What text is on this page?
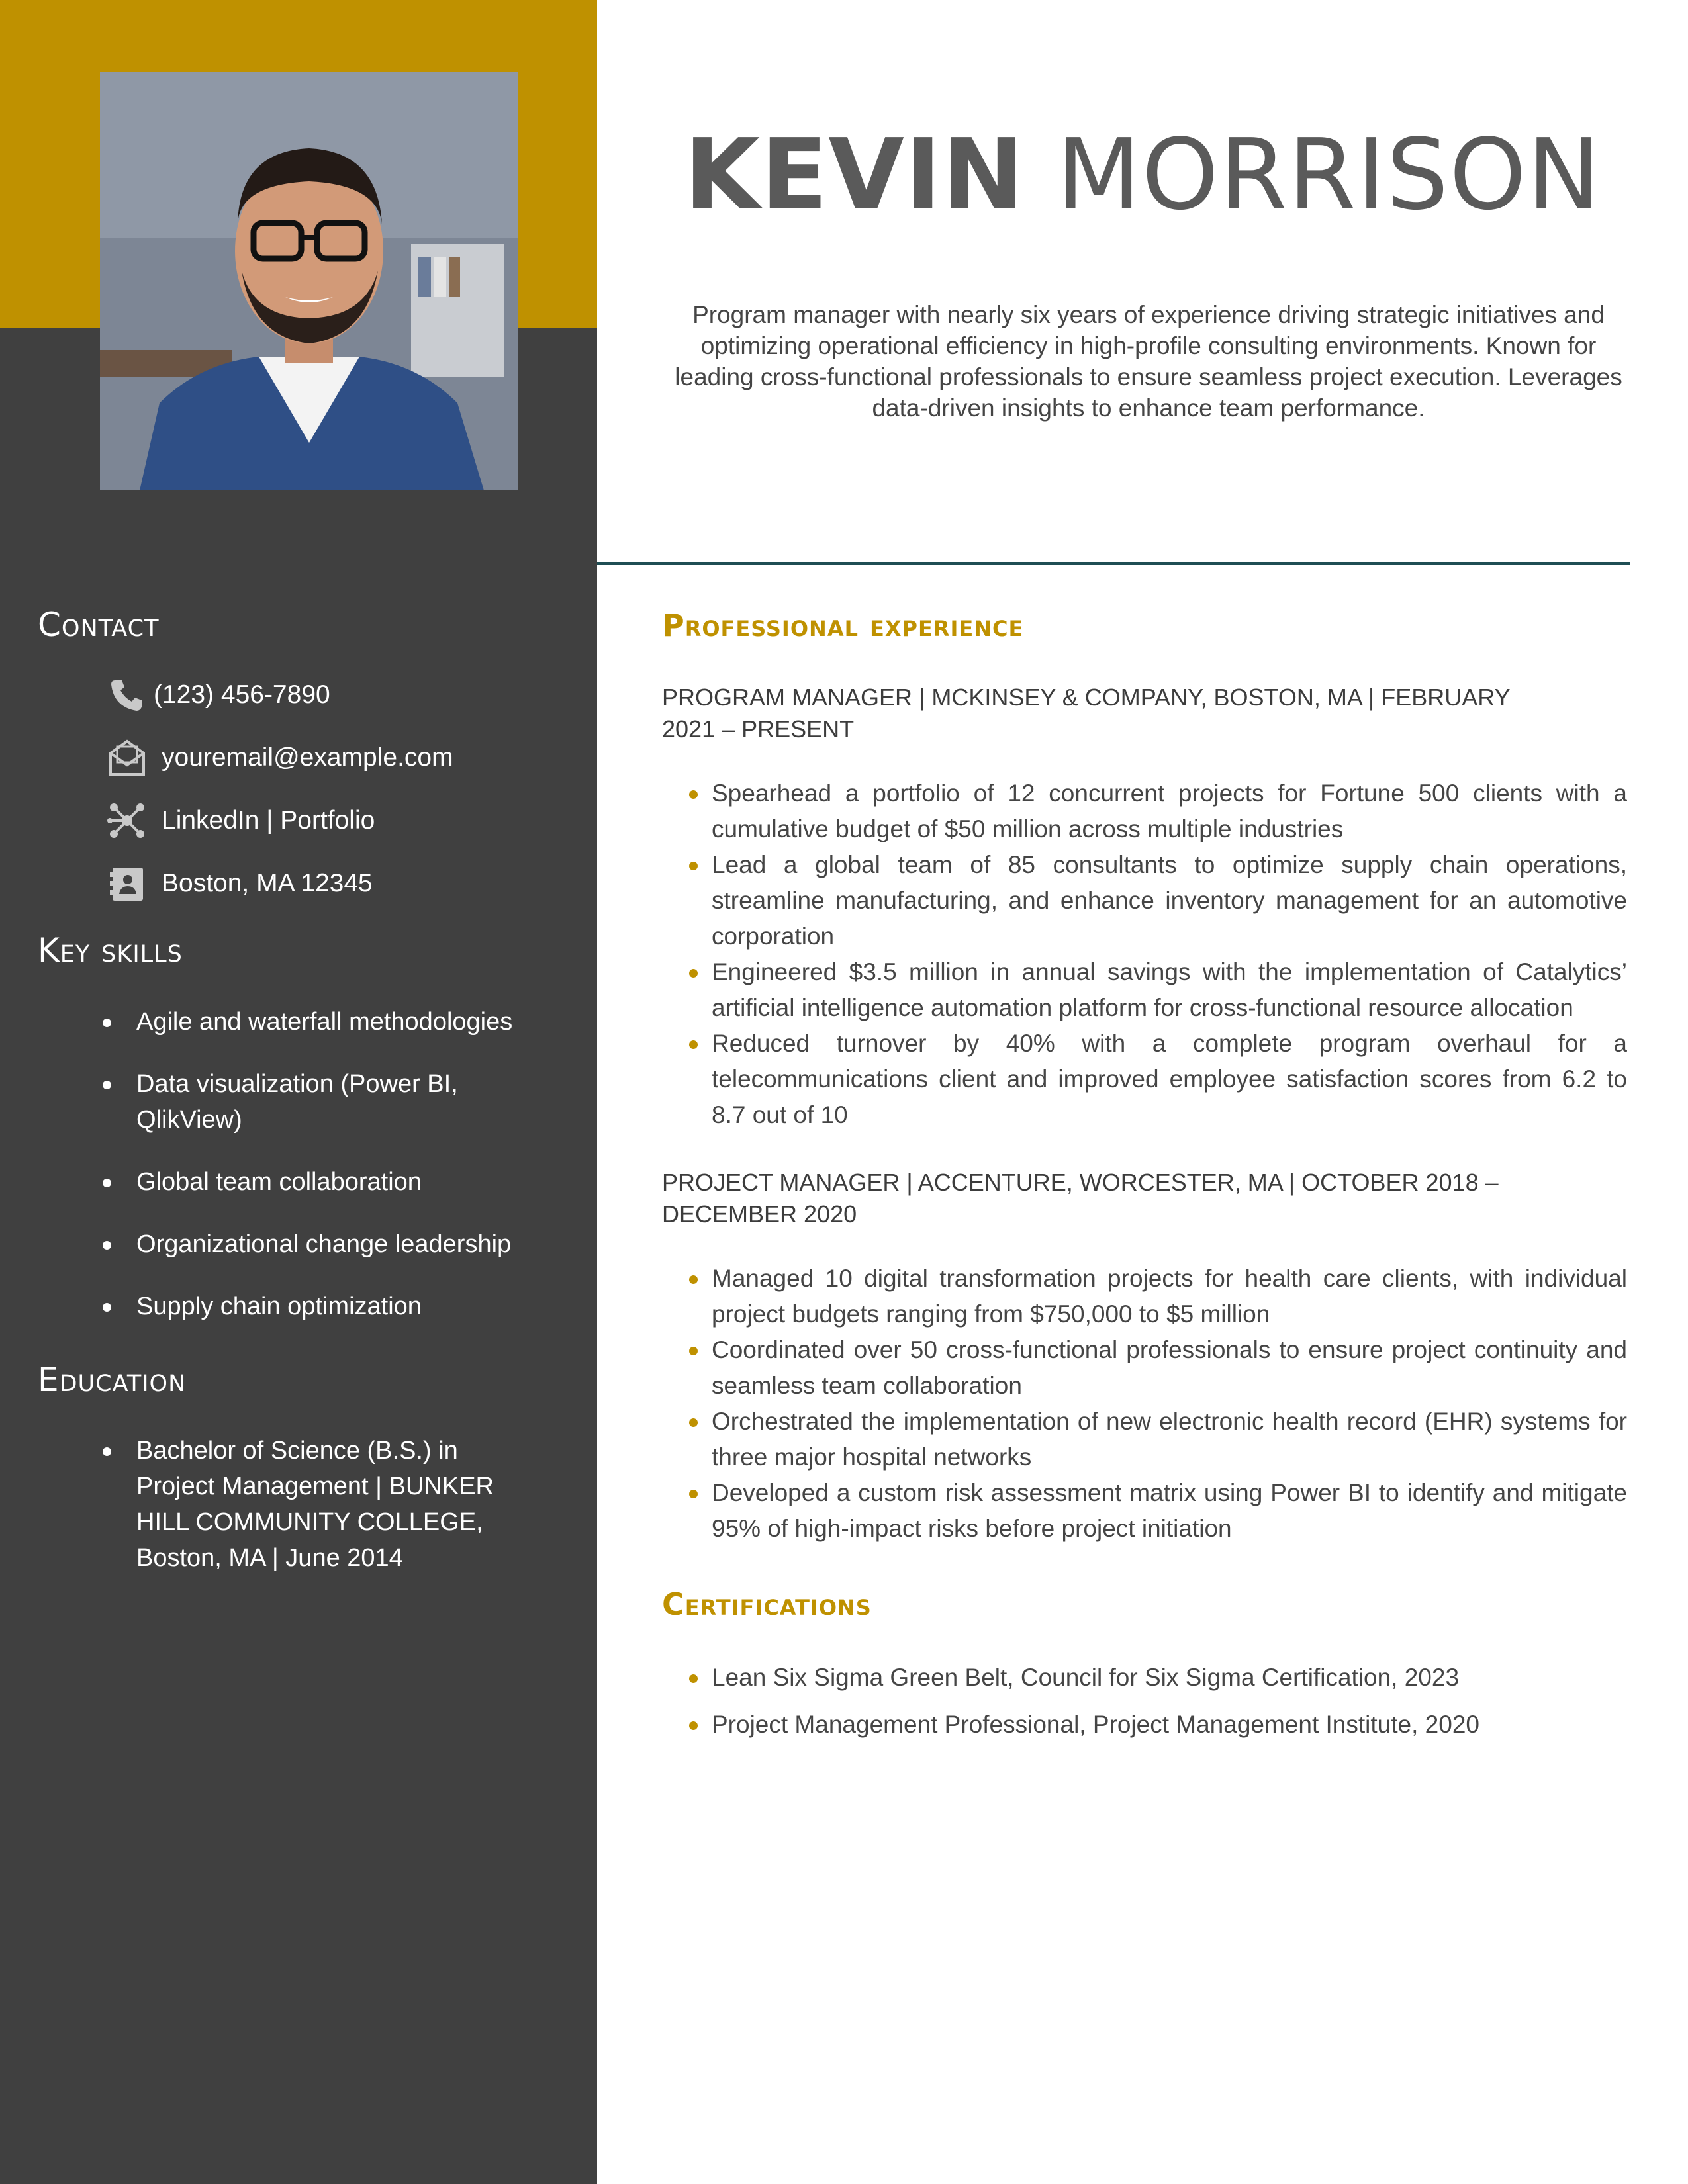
Contact
(123) 456-7890
youremail@example.com
LinkedIn | Portfolio
Boston, MA 12345
Key skills
Agile and waterfall methodologies
Data visualization (Power BI, QlikView)
Global team collaboration
Organizational change leadership
Supply chain optimization
Education
Bachelor of Science (B.S.) in Project Management | BUNKER HILL COMMUNITY COLLEGE, Boston, MA | June 2014
KEVIN MORRISON

Program manager with nearly six years of experience driving strategic initiatives and optimizing operational efficiency in high-profile consulting environments. Known for leading cross-functional professionals to ensure seamless project execution. Leverages data-driven insights to enhance team performance.

Professional experience

PROGRAM MANAGER | MCKINSEY & COMPANY, BOSTON, MA | FEBRUARY 2021 – PRESENT

Spearhead a portfolio of 12 concurrent projects for Fortune 500 clients with a cumulative budget of $50 million across multiple industries
Lead a global team of 85 consultants to optimize supply chain operations, streamline manufacturing, and enhance inventory management for an automotive corporation
Engineered $3.5 million in annual savings with the implementation of Catalytics’ artificial intelligence automation platform for cross-functional resource allocation
Reduced turnover by 40% with a complete program overhaul for a telecommunications client and improved employee satisfaction scores from 6.2 to 8.7 out of 10

PROJECT MANAGER | ACCENTURE, WORCESTER, MA | OCTOBER 2018 – DECEMBER 2020

Managed 10 digital transformation projects for health care clients, with individual project budgets ranging from $750,000 to $5 million
Coordinated over 50 cross-functional professionals to ensure project continuity and seamless team collaboration
Orchestrated the implementation of new electronic health record (EHR) systems for three major hospital networks
Developed a custom risk assessment matrix using Power BI to identify and mitigate 95% of high-impact risks before project initiation
Certifications
Lean Six Sigma Green Belt, Council for Six Sigma Certification, 2023
Project Management Professional, Project Management Institute, 2020
